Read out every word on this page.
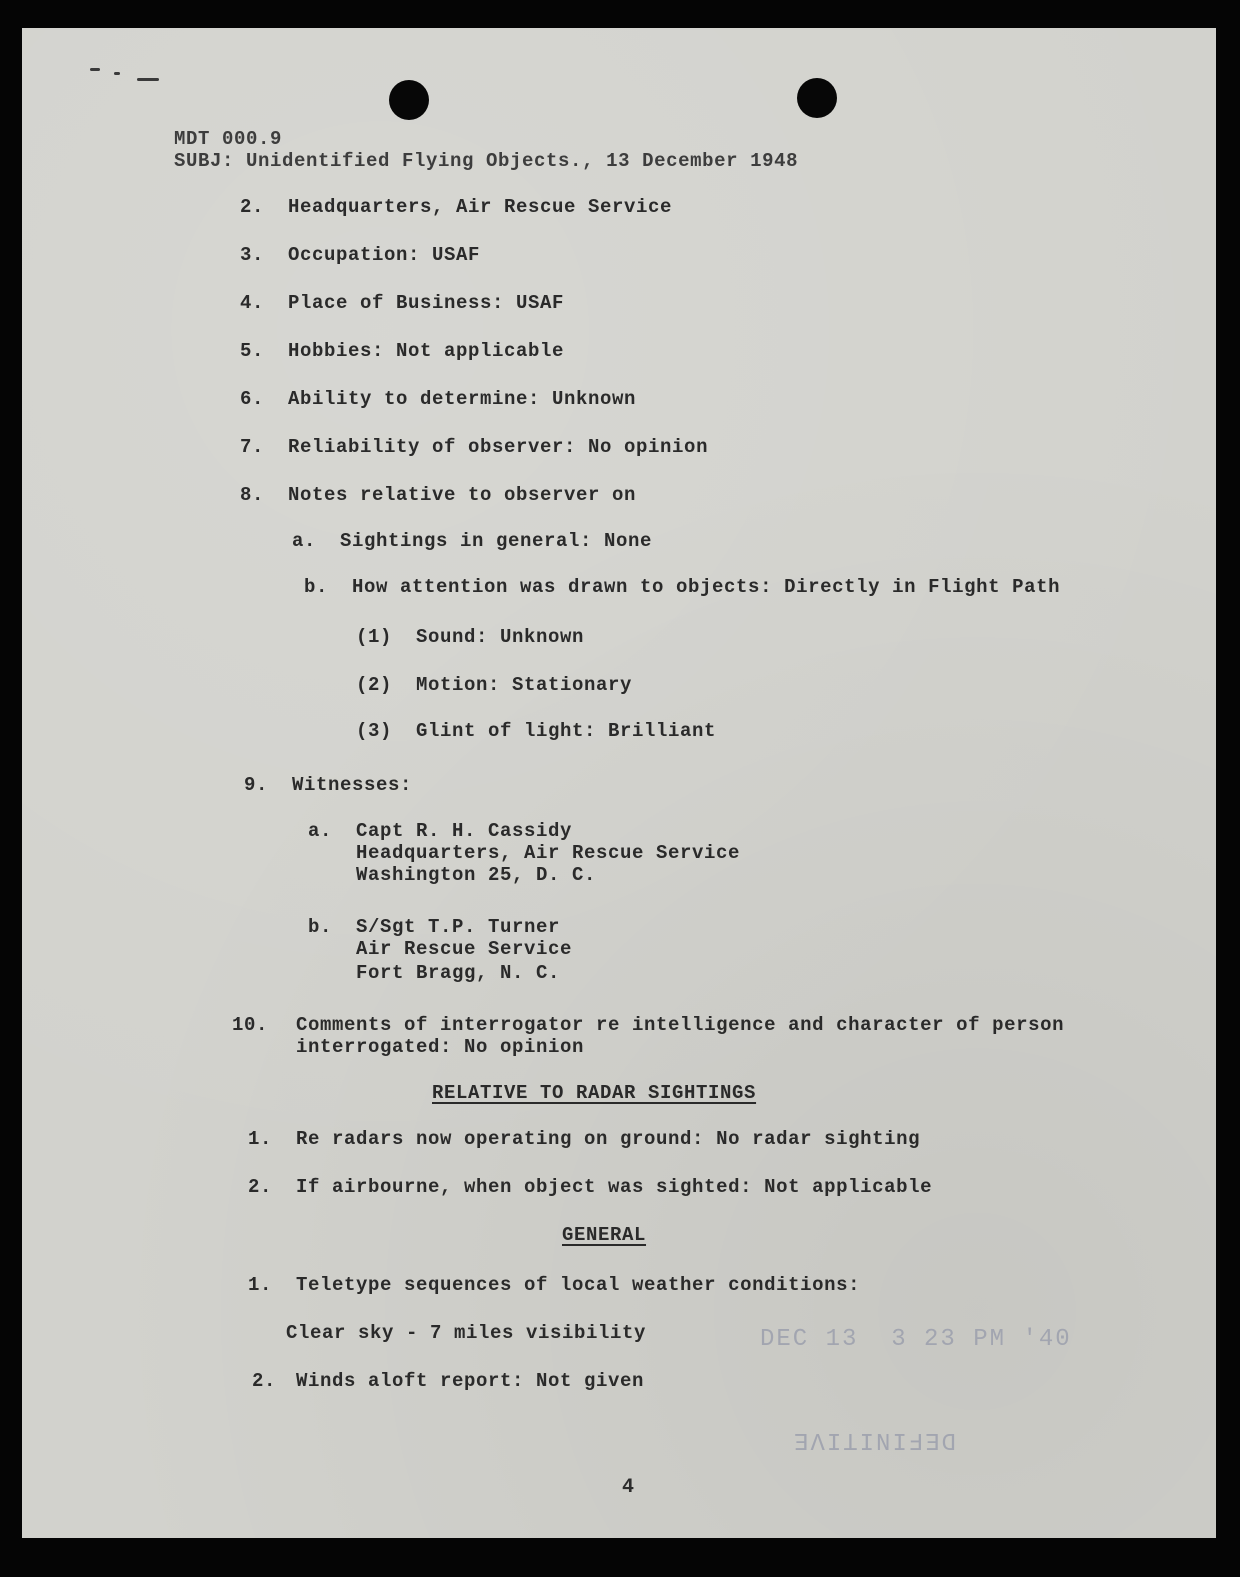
MDT 000.9
SUBJ: Unidentified Flying Objects., 13 December 1948
2. Headquarters, Air Rescue Service
3. Occupation: USAF
4. Place of Business: USAF
5. Hobbies: Not applicable
6. Ability to determine: Unknown
7. Reliability of observer: No opinion
8. Notes relative to observer on
a. Sightings in general: None
b. How attention was drawn to objects: Directly in Flight Path
(1) Sound: Unknown
(2) Motion: Stationary
(3) Glint of light: Brilliant
9. Witnesses:
a. Capt R. H. Cassidy
Headquarters, Air Rescue Service
Washington 25, D. C.
b. S/Sgt T.P. Turner
Air Rescue Service
Fort Bragg, N. C.
10. Comments of interrogator re intelligence and character of person
interrogated: No opinion
RELATIVE TO RADAR SIGHTINGS
1. Re radars now operating on ground: No radar sighting
2. If airbourne, when object was sighted: Not applicable
GENERAL
1. Teletype sequences of local weather conditions:
Clear sky - 7 miles visibility
2. Winds aloft report: Not given
DEC 13  3 23 PM '40
DEFINITIVE
4
